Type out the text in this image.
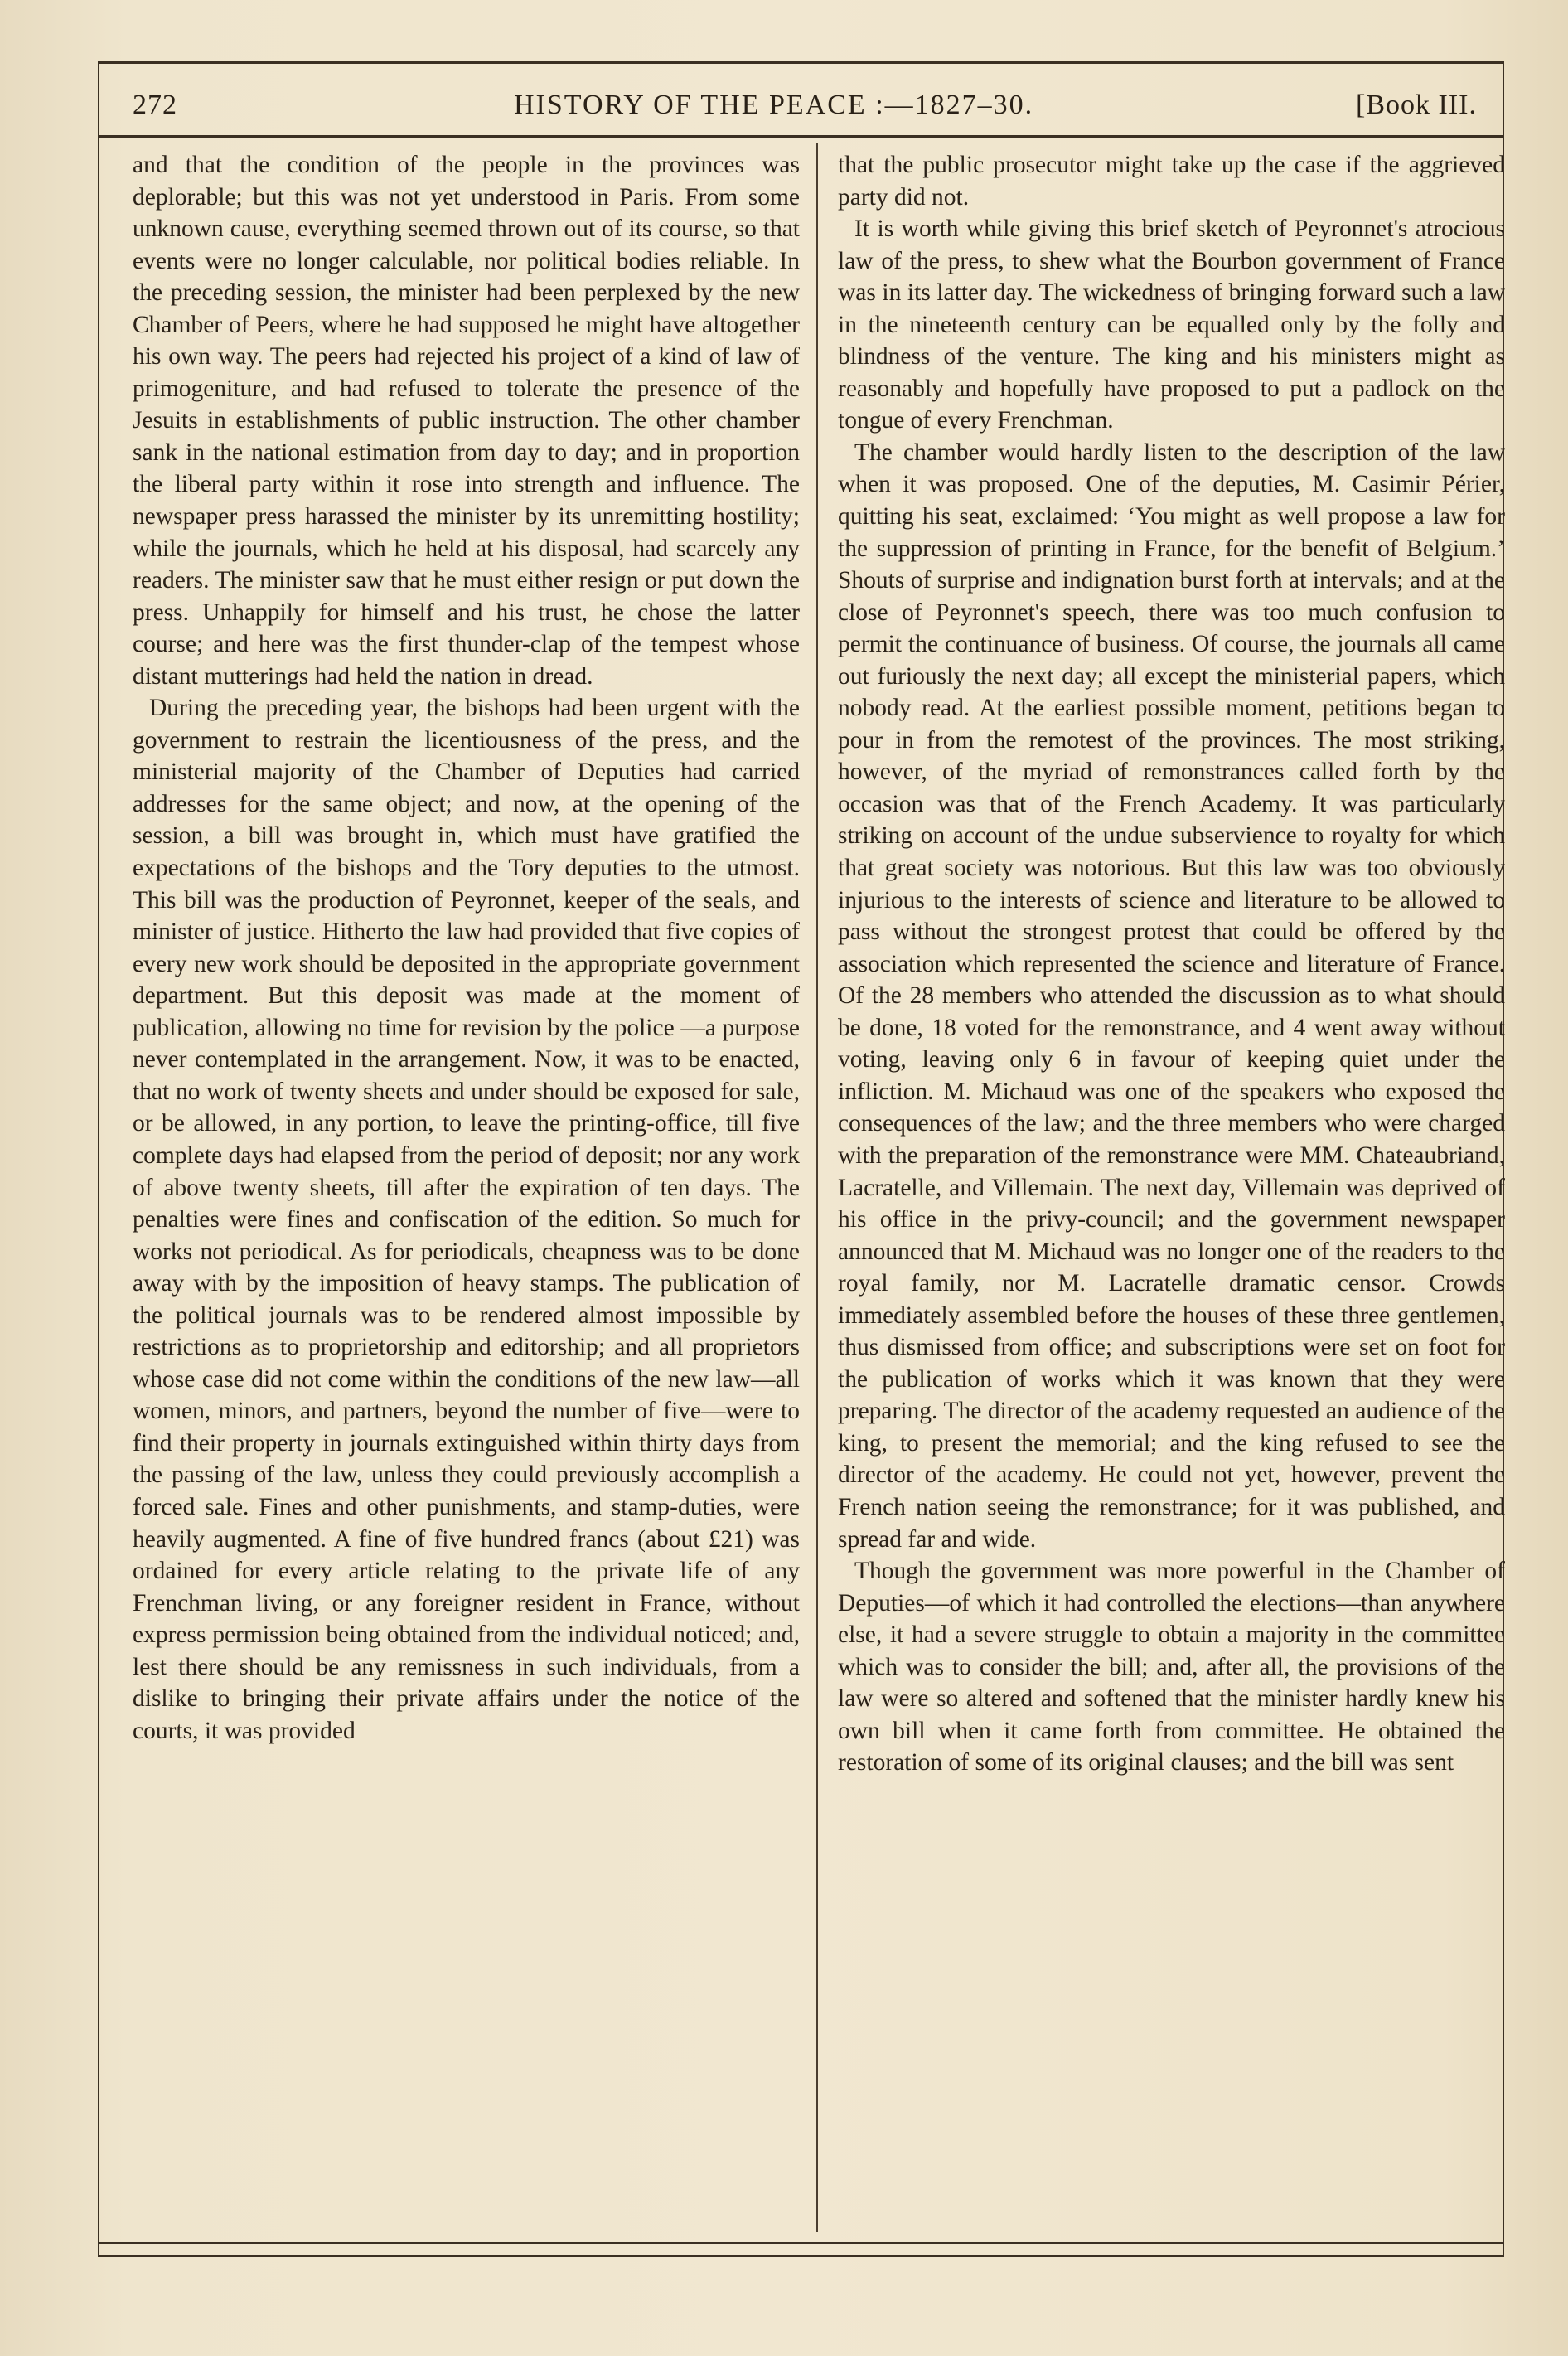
272	HISTORY OF THE PEACE :—1827–30.	[Book III.

and that the condition of the people in the provinces was deplorable; but this was not yet understood in Paris. From some unknown cause, everything seemed thrown out of its course, so that events were no longer calculable, nor political bodies reliable. In the preceding session, the minister had been perplexed by the new Chamber of Peers, where he had supposed he might have altogether his own way. The peers had rejected his project of a kind of law of primogeniture, and had refused to tolerate the presence of the Jesuits in establishments of public instruction. The other chamber sank in the national estimation from day to day; and in proportion the liberal party within it rose into strength and influence. The newspaper press harassed the minister by its unremitting hostility; while the journals, which he held at his disposal, had scarcely any readers. The minister saw that he must either resign or put down the press. Unhappily for himself and his trust, he chose the latter course; and here was the first thunder-clap of the tempest whose distant mutterings had held the nation in dread.

During the preceding year, the bishops had been urgent with the government to restrain the licentiousness of the press, and the ministerial majority of the Chamber of Deputies had carried addresses for the same object; and now, at the opening of the session, a bill was brought in, which must have gratified the expectations of the bishops and the Tory deputies to the utmost. This bill was the production of Peyronnet, keeper of the seals, and minister of justice. Hitherto the law had provided that five copies of every new work should be deposited in the appropriate government department. But this deposit was made at the moment of publication, allowing no time for revision by the police —a purpose never contemplated in the arrangement. Now, it was to be enacted, that no work of twenty sheets and under should be exposed for sale, or be allowed, in any portion, to leave the printing-office, till five complete days had elapsed from the period of deposit; nor any work of above twenty sheets, till after the expiration of ten days. The penalties were fines and confiscation of the edition. So much for works not periodical. As for periodicals, cheapness was to be done away with by the imposition of heavy stamps. The publication of the political journals was to be rendered almost impossible by restrictions as to proprietorship and editorship; and all proprietors whose case did not come within the conditions of the new law—all women, minors, and partners, beyond the number of five—were to find their property in journals extinguished within thirty days from the passing of the law, unless they could previously accomplish a forced sale. Fines and other punishments, and stamp-duties, were heavily augmented. A fine of five hundred francs (about £21) was ordained for every article relating to the private life of any Frenchman living, or any foreigner resident in France, without express permission being obtained from the individual noticed; and, lest there should be any remissness in such individuals, from a dislike to bringing their private affairs under the notice of the courts, it was provided

that the public prosecutor might take up the case if the aggrieved party did not.

It is worth while giving this brief sketch of Peyronnet's atrocious law of the press, to shew what the Bourbon government of France was in its latter day. The wickedness of bringing forward such a law in the nineteenth century can be equalled only by the folly and blindness of the venture. The king and his ministers might as reasonably and hopefully have proposed to put a padlock on the tongue of every Frenchman.

The chamber would hardly listen to the description of the law when it was proposed. One of the deputies, M. Casimir Périer, quitting his seat, exclaimed: ‘You might as well propose a law for the suppression of printing in France, for the benefit of Belgium.’ Shouts of surprise and indignation burst forth at intervals; and at the close of Peyronnet's speech, there was too much confusion to permit the continuance of business. Of course, the journals all came out furiously the next day; all except the ministerial papers, which nobody read. At the earliest possible moment, petitions began to pour in from the remotest of the provinces. The most striking, however, of the myriad of remonstrances called forth by the occasion was that of the French Academy. It was particularly striking on account of the undue subservience to royalty for which that great society was notorious. But this law was too obviously injurious to the interests of science and literature to be allowed to pass without the strongest protest that could be offered by the association which represented the science and literature of France. Of the 28 members who attended the discussion as to what should be done, 18 voted for the remonstrance, and 4 went away without voting, leaving only 6 in favour of keeping quiet under the infliction. M. Michaud was one of the speakers who exposed the consequences of the law; and the three members who were charged with the preparation of the remonstrance were MM. Chateaubriand, Lacratelle, and Villemain. The next day, Villemain was deprived of his office in the privy-council; and the government newspaper announced that M. Michaud was no longer one of the readers to the royal family, nor M. Lacratelle dramatic censor. Crowds immediately assembled before the houses of these three gentlemen, thus dismissed from office; and subscriptions were set on foot for the publication of works which it was known that they were preparing. The director of the academy requested an audience of the king, to present the memorial; and the king refused to see the director of the academy. He could not yet, however, prevent the French nation seeing the remonstrance; for it was published, and spread far and wide.

Though the government was more powerful in the Chamber of Deputies—of which it had controlled the elections—than anywhere else, it had a severe struggle to obtain a majority in the committee which was to consider the bill; and, after all, the provisions of the law were so altered and softened that the minister hardly knew his own bill when it came forth from committee. He obtained the restoration of some of its original clauses; and the bill was sent
